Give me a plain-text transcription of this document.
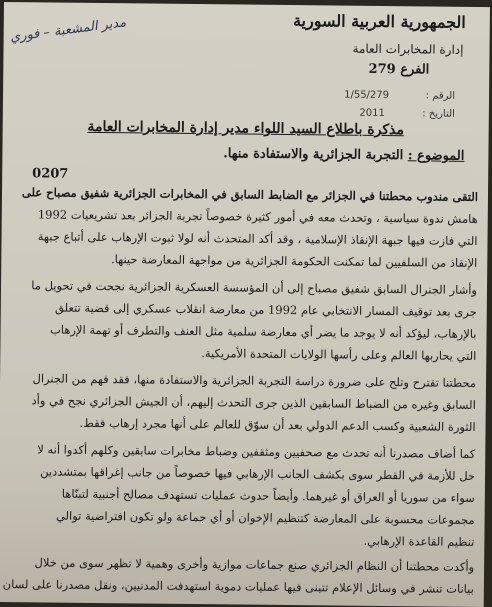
الجمهورية العربية السورية
إدارة المخابرات العامة
الفرع 279
مدير المشعبة – فوري
الرقم :
1/55/279
التاريخ :
2011
مذكرة باطلاع السيد اللواء مدير إدارة المخابرات العامة
الموضوع : التجربة الجزائرية والاستفادة منها.
0207
التقى مندوب محطتنا في الجزائر مع الضابط السابق في المخابرات الجزائرية شفيق مصباح على
هامش ندوة سياسية ، وتحدث معه في أمور كثيرة خصوصاً تجربة الجزائر بعد تشريعيات 1992
التي فازت فيها جبهة الإنقاذ الإسلامية ، وقد أكد المتحدث أنه لولا ثبوت الإرهاب على أتباع جبهة
الإنقاذ من السلفيين لما تمكنت الحكومة الجزائرية من مواجهة المعارضة حينها.
وأشار الجنرال السابق شفيق مصباح إلى أن المؤسسة العسكرية الجزائرية نجحت في تحويل ما
جرى بعد توقيف المسار الانتخابي عام 1992 من معارضة انقلاب عسكري إلى قضية تتعلق
بالإرهاب، ليؤكد أنه لا يوجد ما يضر أي معارضة سلمية مثل العنف والتطرف أو تهمة الإرهاب
التي يحاربها العالم وعلى رأسها الولايات المتحدة الأمريكية.
محطتنا تقترح وتلح على ضرورة دراسة التجربة الجزائرية والاستفادة منها، فقد فهم من الجنرال
السابق وغيره من الضباط السابقين الذين جرى التحدث إليهم، أن الجيش الجزائري نجح في وأد
الثورة الشعبية وكسب الدعم الدولي بعد أن سوّق للعالم على أنها مجرد إرهاب فقط.
كما أضاف مصدرنا أنه تحدث مع صحفيين ومثقفين وضباط مخابرات سابقين وكلهم أكدوا أنه لا
حل للأزمة في القطر سوى بكشف الجانب الإرهابي فيها خصوصاً من جانب إغراقها بمتشددين
سواء من سوريا أو العراق أو غيرهما. وأيضاً حدوث عمليات تستهدف مصالح أجنبية لتبنّاها
مجموعات محسوبة على المعارضة كتنظيم الإخوان أو أي جماعة ولو تكون افتراضية توالي
تنظيم القاعدة الإرهابي.
وأكدت محطتنا أن النظام الجزائري صنع جماعات موازية وأخرى وهمية لا تظهر سوى من خلال
بيانات تنشر في وسائل الإعلام تتبنى فيها عمليات دموية استهدفت المدنيين، ونقل مصدرنا على لسان
